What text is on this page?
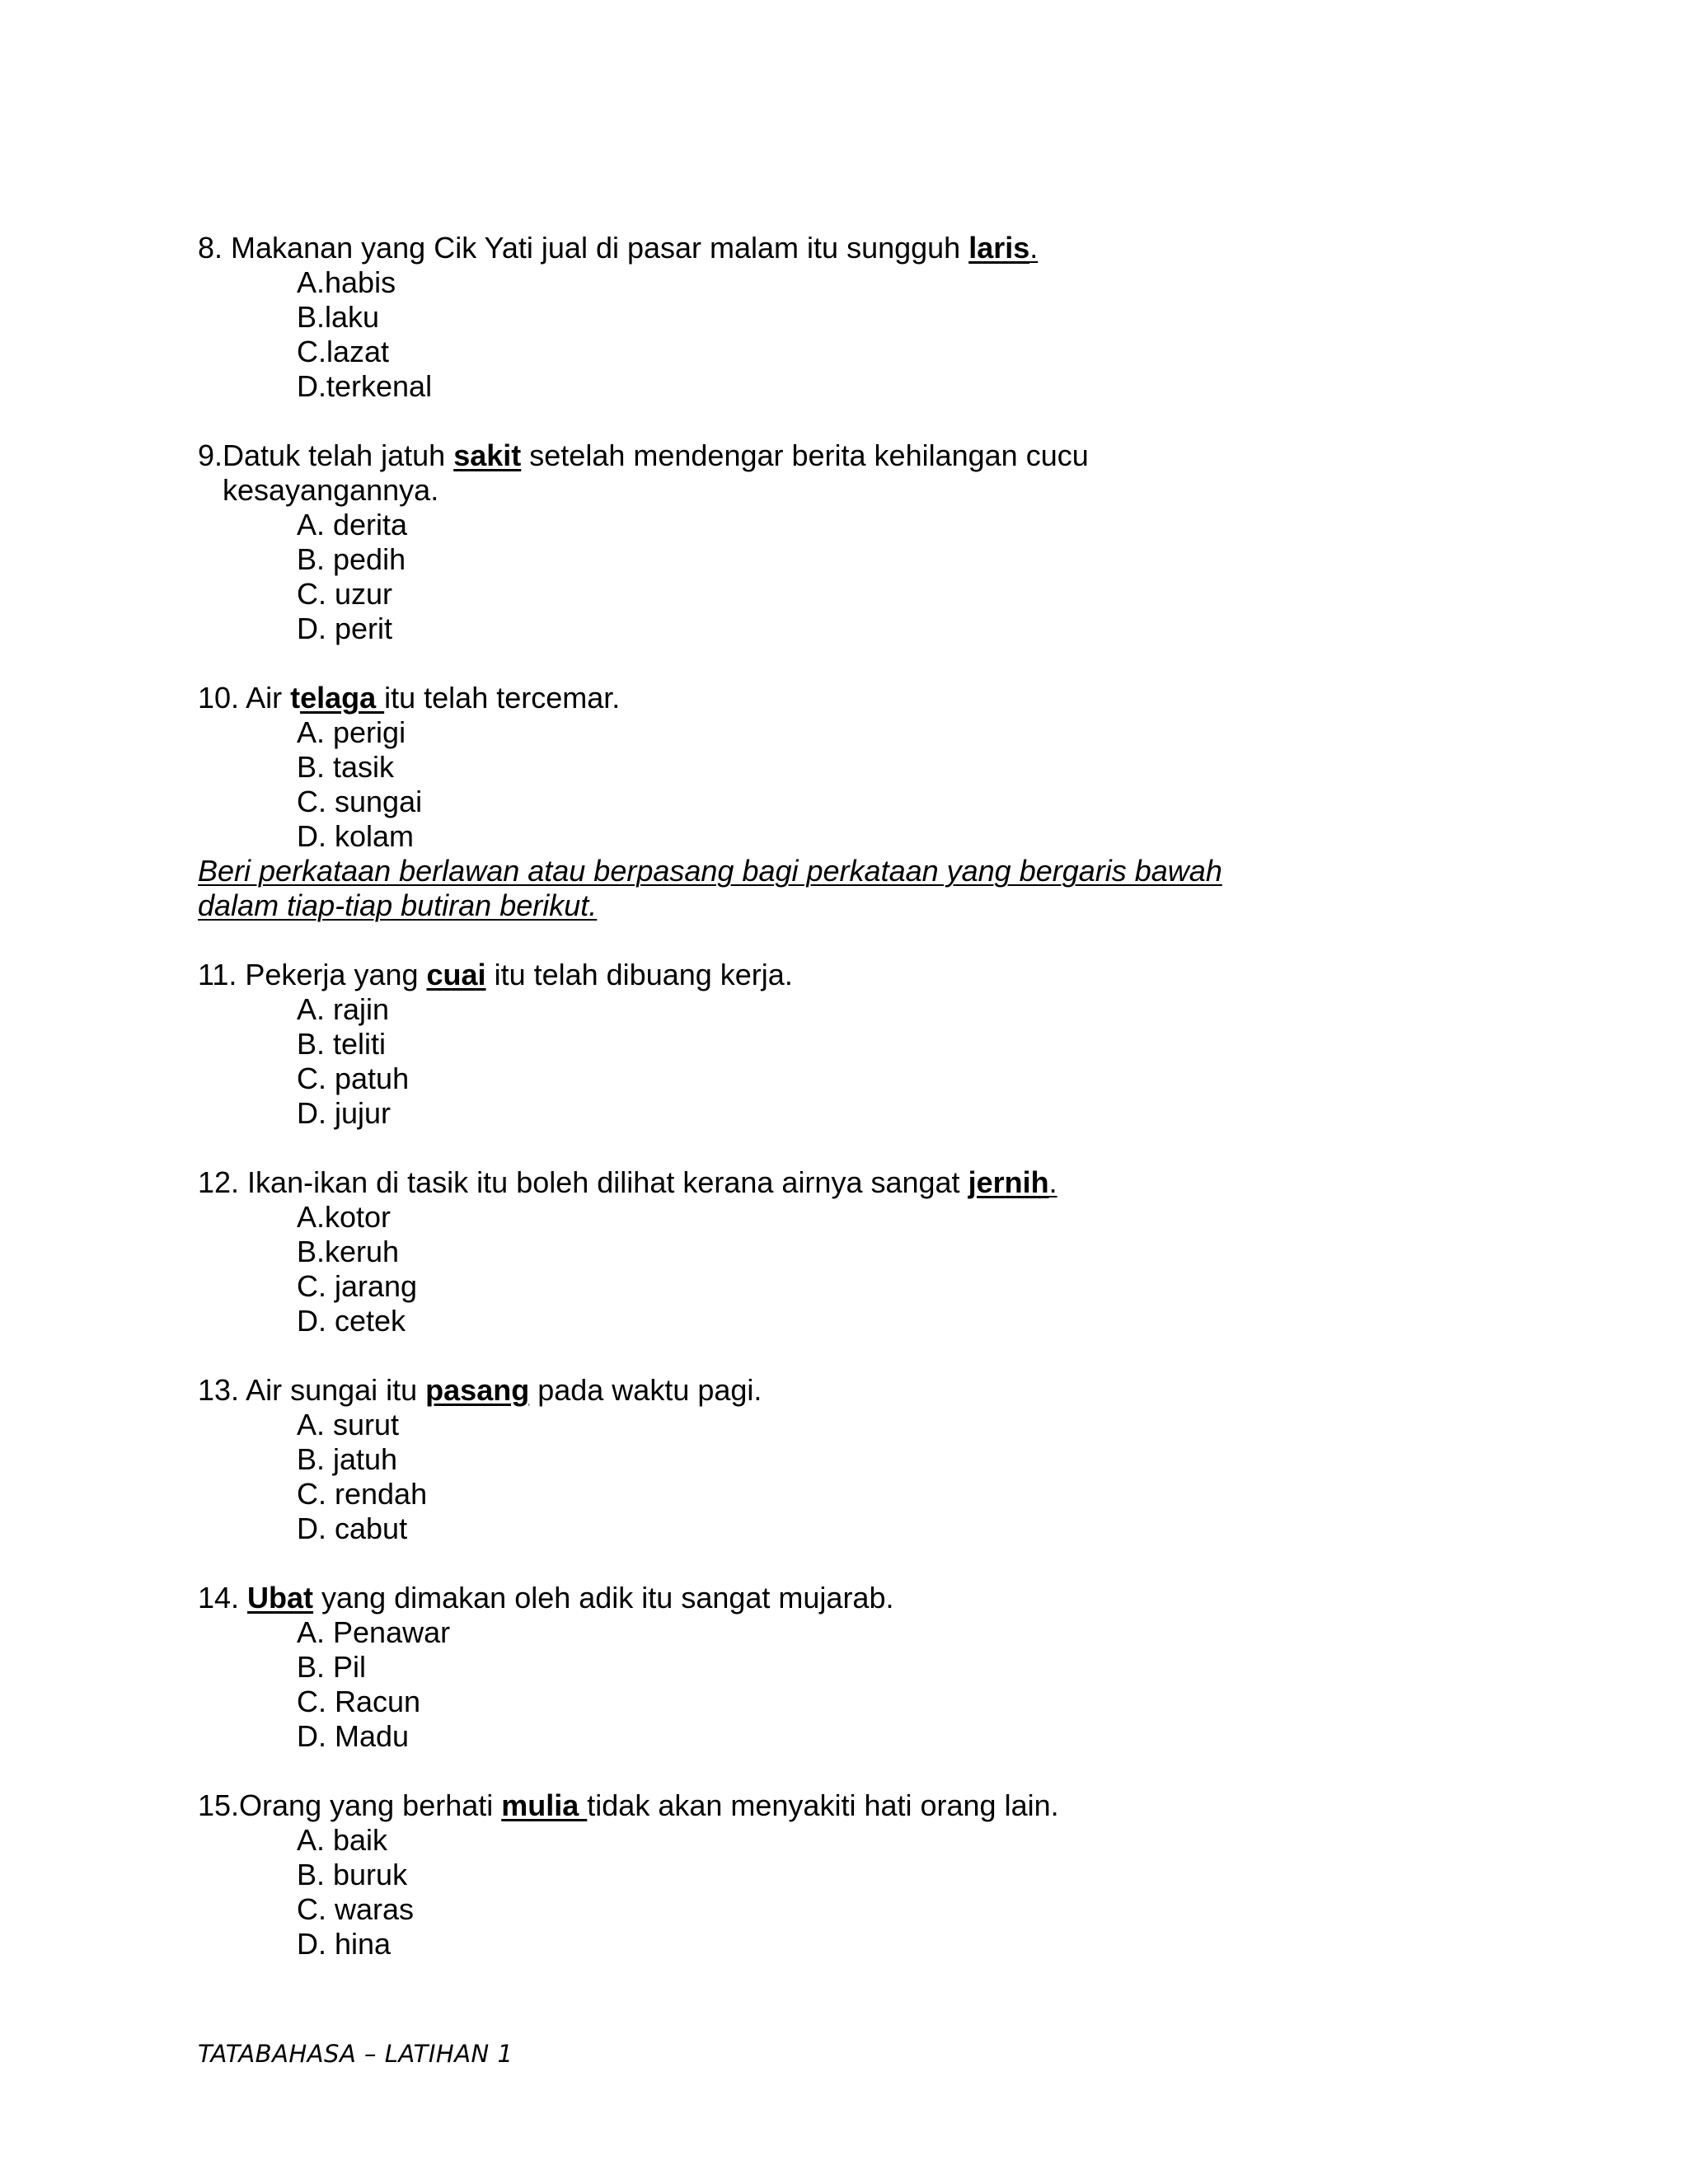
8. Makanan yang Cik Yati jual di pasar malam itu sungguh laris.
A.habis
B.laku
C.lazat
D.terkenal
9.Datuk telah jatuh sakit setelah mendengar berita kehilangan cucu
kesayangannya.
A. derita
B. pedih
C. uzur
D. perit
10. Air telaga itu telah tercemar.
A. perigi
B. tasik
C. sungai
D. kolam
Beri perkataan berlawan atau berpasang bagi perkataan yang bergaris bawah
dalam tiap-tiap butiran berikut.
11. Pekerja yang cuai itu telah dibuang kerja.
A. rajin
B. teliti
C. patuh
D. jujur
12. Ikan-ikan di tasik itu boleh dilihat kerana airnya sangat jernih.
A.kotor
B.keruh
C. jarang
D. cetek
13. Air sungai itu pasang pada waktu pagi.
A. surut
B. jatuh
C. rendah
D. cabut
14. Ubat yang dimakan oleh adik itu sangat mujarab.
A. Penawar
B. Pil
C. Racun
D. Madu
15.Orang yang berhati mulia tidak akan menyakiti hati orang lain.
A. baik
B. buruk
C. waras
D. hina
TATABAHASA – LATIHAN 1
